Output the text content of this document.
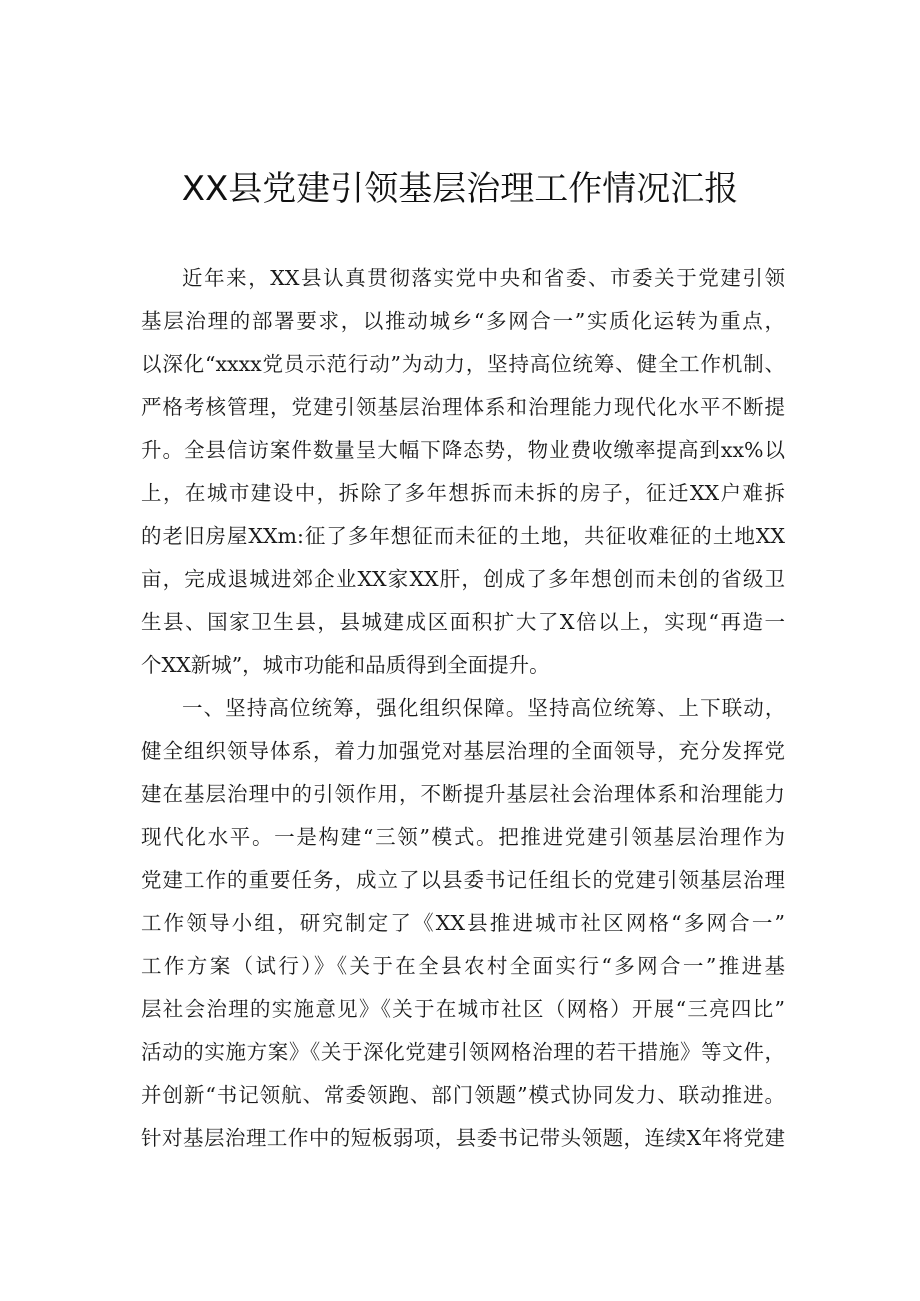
XX县党建引领基层治理工作情况汇报
近年来，XX县认真贯彻落实党中央和省委、市委关于党建引领
基层治理的部署要求，以推动城乡“多网合一”实质化运转为重点，
以深化“xxxx党员示范行动”为动力，坚持高位统筹、健全工作机制、
严格考核管理，党建引领基层治理体系和治理能力现代化水平不断提
升。全县信访案件数量呈大幅下降态势，物业费收缴率提高到xx%以
上，在城市建设中，拆除了多年想拆而未拆的房子，征迁XX户难拆
的老旧房屋XXm:征了多年想征而未征的土地，共征收难征的土地XX
亩，完成退城进郊企业XX家XX肝，创成了多年想创而未创的省级卫
生县、国家卫生县，县城建成区面积扩大了X倍以上，实现“再造一
个XX新城”，城市功能和品质得到全面提升。
一、坚持高位统筹，强化组织保障。坚持高位统筹、上下联动，
健全组织领导体系，着力加强党对基层治理的全面领导，充分发挥党
建在基层治理中的引领作用，不断提升基层社会治理体系和治理能力
现代化水平。一是构建“三领”模式。把推进党建引领基层治理作为
党建工作的重要任务，成立了以县委书记任组长的党建引领基层治理
工作领导小组，研究制定了《XX县推进城市社区网格“多网合一”
工作方案（试行）》《关于在全县农村全面实行“多网合一”推进基
层社会治理的实施意见》《关于在城市社区（网格）开展“三亮四比”
活动的实施方案》《关于深化党建引领网格治理的若干措施》等文件，
并创新“书记领航、常委领跑、部门领题”模式协同发力、联动推进。
针对基层治理工作中的短板弱项，县委书记带头领题，连续X年将党建
